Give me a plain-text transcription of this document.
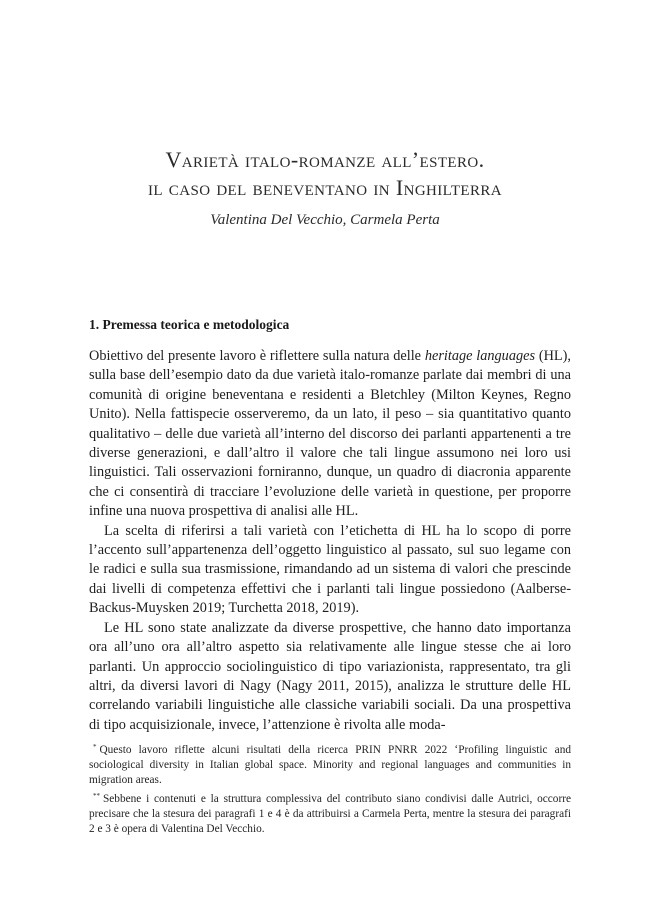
Varietà italo-romanze all’estero.
il caso del beneventano in Inghilterra
Valentina Del Vecchio, Carmela Perta
1. Premessa teorica e metodologica

Obiettivo del presente lavoro è riflettere sulla natura delle heritage languages (HL), sulla base dell’esempio dato da due varietà italo-romanze parlate dai membri di una comunità di origine beneventana e residenti a Bletchley (Milton Keynes, Regno Unito). Nella fattispecie osserveremo, da un lato, il peso – sia quantitativo quanto qualitativo – delle due varietà all’interno del discorso dei parlanti appartenenti a tre diverse generazioni, e dall’altro il valore che tali lingue assumono nei loro usi linguistici. Tali osservazioni forniranno, dunque, un quadro di diacronia apparente che ci consentirà di tracciare l’evoluzione delle varietà in questione, per proporre infine una nuova prospettiva di analisi alle HL.

La scelta di riferirsi a tali varietà con l’etichetta di HL ha lo scopo di porre l’accento sull’appartenenza dell’oggetto linguistico al passato, sul suo legame con le radici e sulla sua trasmissione, rimandando ad un sistema di valori che prescinde dai livelli di competenza effettivi che i parlanti tali lingue possiedono (Aalberse-Backus-Muysken 2019; Turchetta 2018, 2019).

Le HL sono state analizzate da diverse prospettive, che hanno dato importanza ora all’uno ora all’altro aspetto sia relativamente alle lingue stesse che ai loro parlanti. Un approccio sociolinguistico di tipo variazionista, rappresentato, tra gli altri, da diversi lavori di Nagy (Nagy 2011, 2015), analizza le strutture delle HL correlando variabili linguistiche alle classiche variabili sociali. Da una prospettiva di tipo acquisizionale, invece, l’attenzione è rivolta alle moda-

* Questo lavoro riflette alcuni risultati della ricerca PRIN PNRR 2022 ‘Profiling linguistic and sociological diversity in Italian global space. Minority and regional languages and communities in migration areas.

** Sebbene i contenuti e la struttura complessiva del contributo siano condivisi dalle Autrici, occorre precisare che la stesura dei paragrafi 1 e 4 è da attribuirsi a Carmela Perta, mentre la stesura dei paragrafi 2 e 3 è opera di Valentina Del Vecchio.
